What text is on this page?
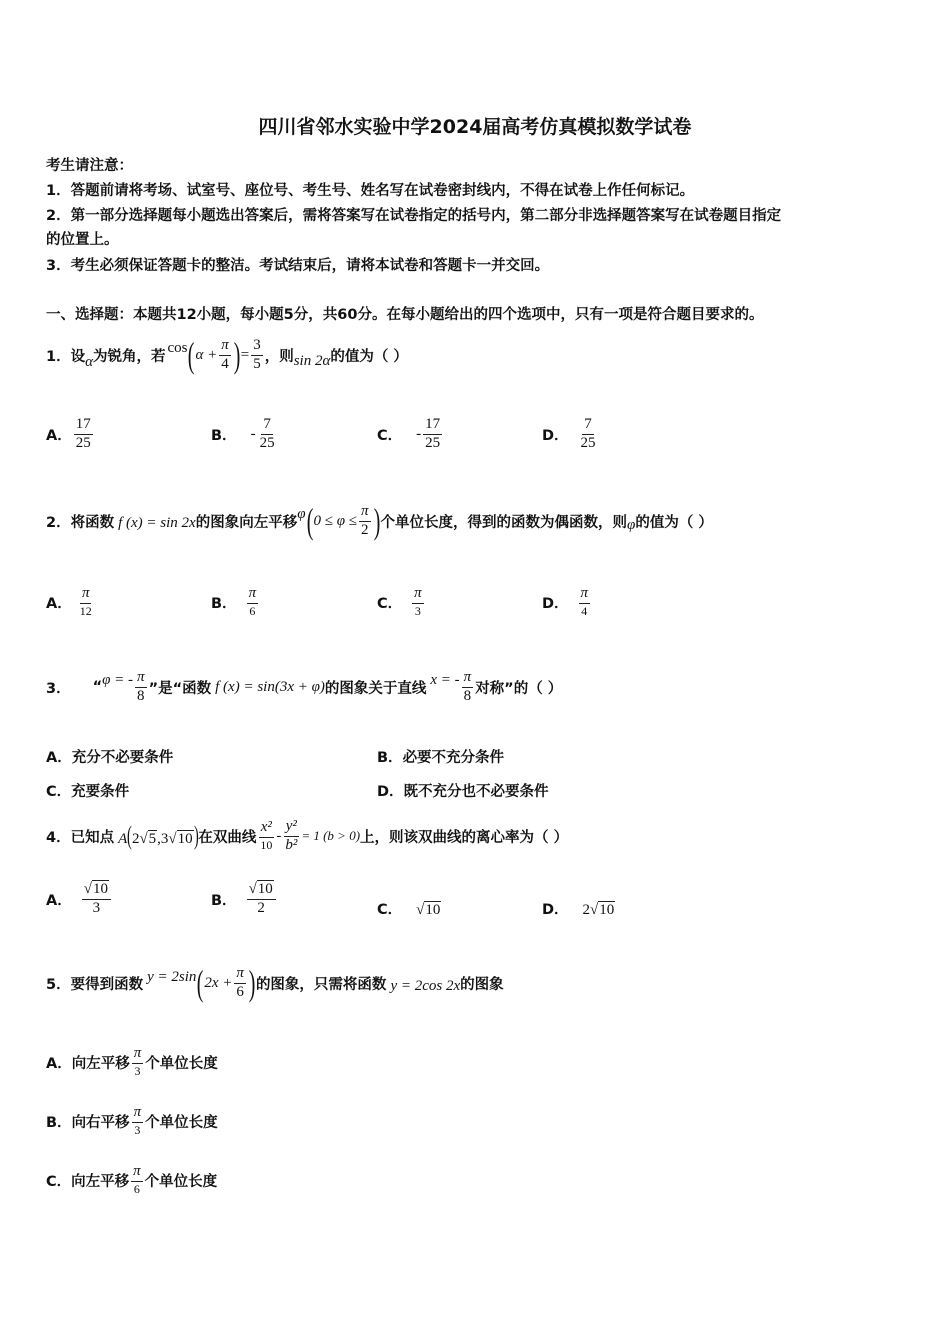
四川省邻水实验中学2024届高考仿真模拟数学试卷
考生请注意：
1．答题前请将考场、试室号、座位号、考生号、姓名写在试卷密封线内，不得在试卷上作任何标记。
2．第一部分选择题每小题选出答案后，需将答案写在试卷指定的括号内，第二部分非选择题答案写在试卷题目指定
的位置上。
3．考生必须保证答题卡的整洁。考试结束后，请将本试卷和答题卡一并交回。
一、选择题：本题共12小题，每小题5分，共60分。在每小题给出的四个选项中，只有一项是符合题目要求的。
1．设 α 为锐角，若
cos ( $\alpha + \frac{\pi}{4}$ ) = $\frac{3}{5}$ ，则 sin 2α 的值为（ ）
A． $\frac{17}{25}$	B． - $\frac{7}{25}$	C． - $\frac{17}{25}$	D． $\frac{7}{25}$
2．将函数 f (x) = sin 2x 的图象向左平移
φ ( $0 \le \varphi \le \frac{\pi}{2}$ ) 个单位长度，得到的函数为偶函数，则 φ 的值为（ ）
A． $\frac{\pi}{12}$	B． $\frac{\pi}{6}$	C． $\frac{\pi}{3}$	D． $\frac{\pi}{4}$
3． “ φ = - $\frac{\pi}{8}$ ”是“函数 f (x) = sin(3x + φ) 的图象关于直线
x = - $\frac{\pi}{8}$ 对称”的（ ）
A．充分不必要条件	B．必要不充分条件
C．充要条件	D．既不充分也不必要条件
4．已知点 A ( 2√5,3√10 ) 在双曲线 $\frac{\text{x²}}{10} - \frac{\text{y²}}{\text{b²}} = 1$ (b > 0) 上，则该双曲线的离心率为（ ）
A． $\frac{√10}{3}$	B． $\frac{√10}{2}$	C． √10	D． 2√10
5．要得到函数 y = 2sin ( $2x + \frac{\pi}{6}$ ) 的图象，只需将函数 y = 2cos 2x 的图象
A． 向左平移 $\frac{\pi}{3}$ 个单位长度
B． 向右平移 $\frac{\pi}{3}$ 个单位长度
C． 向左平移 $\frac{\pi}{6}$ 个单位长度
